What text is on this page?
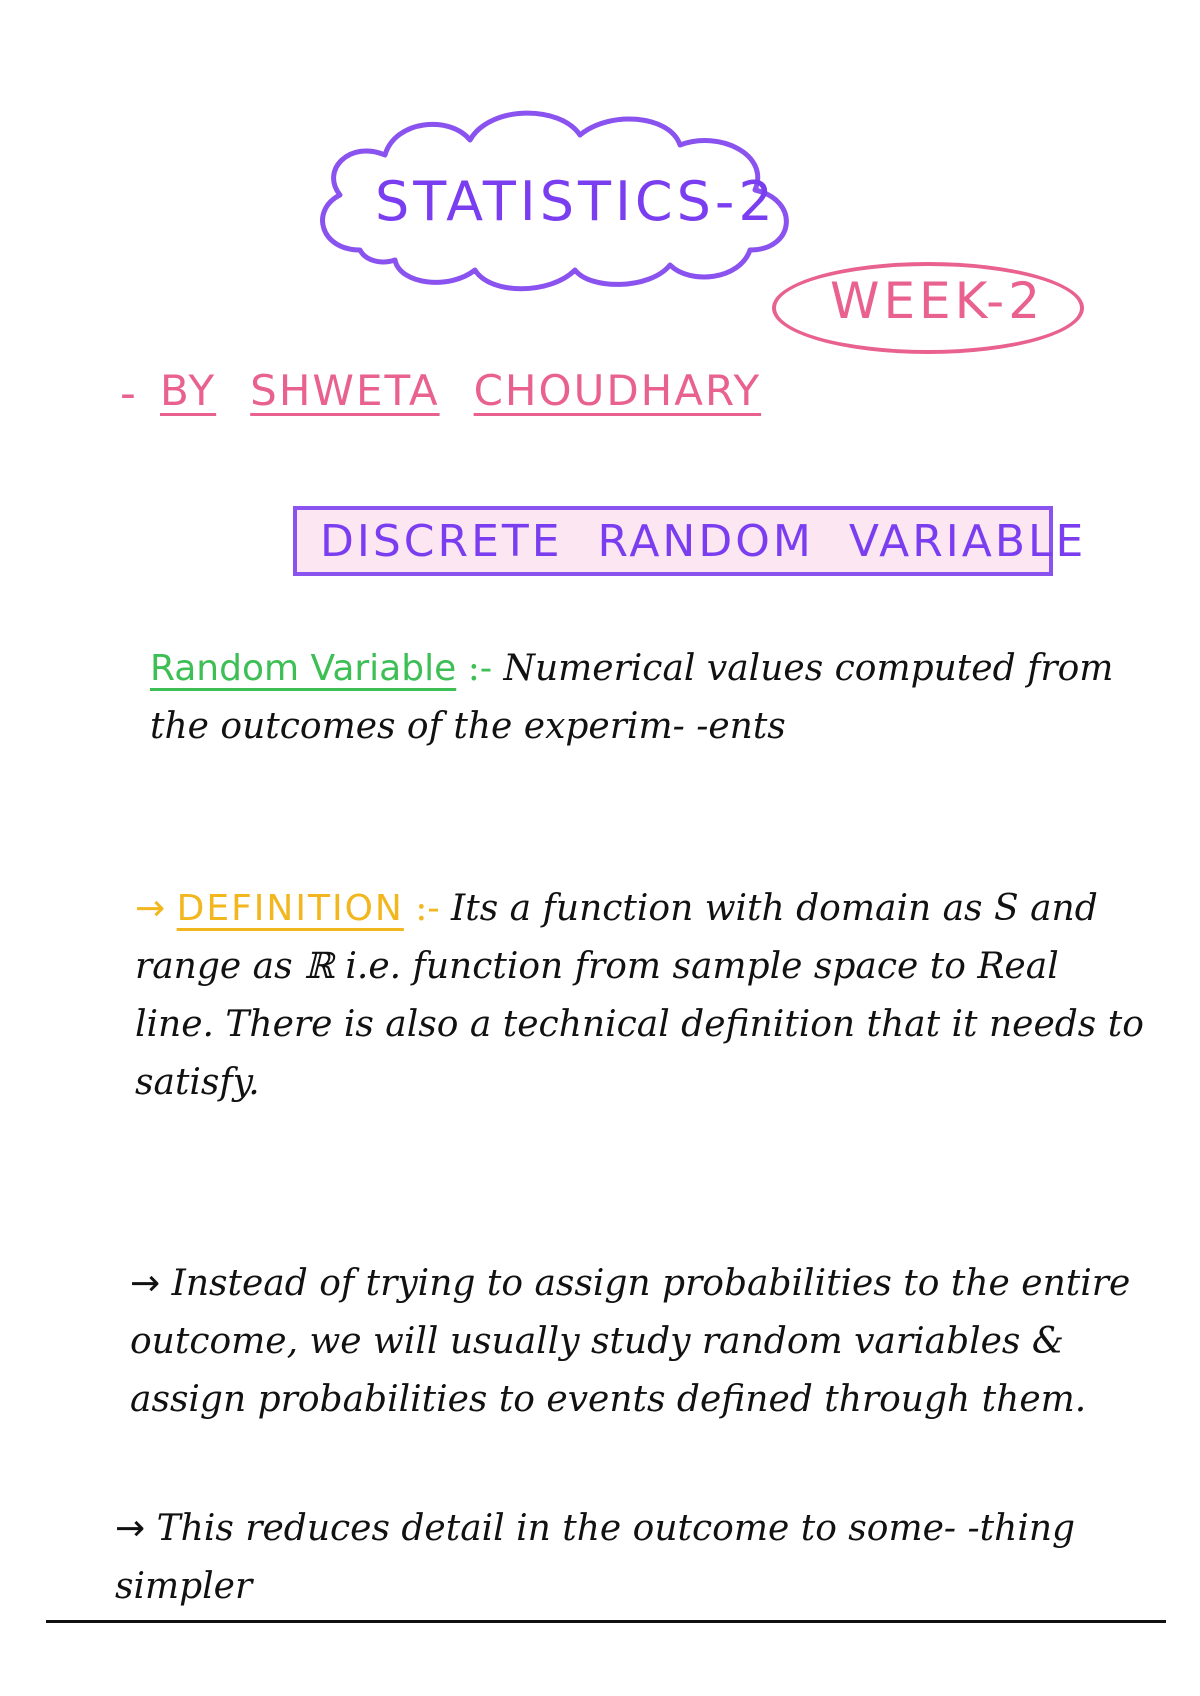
STATISTICS-2
WEEK-2
- BY SHWETA CHOUDHARY
DISCRETE RANDOM VARIABLE
Random Variable :- Numerical values computed from the outcomes of the experim- -ents
→ DEFINITION :- Its a function with domain as S and range as ℝ i.e. function from sample space to Real line. There is also a technical definition that it needs to satisfy.
→ Instead of trying to assign probabilities to the entire outcome, we will usually study random variables & assign probabilities to events defined through them.
→ This reduces detail in the outcome to some- -thing simpler
